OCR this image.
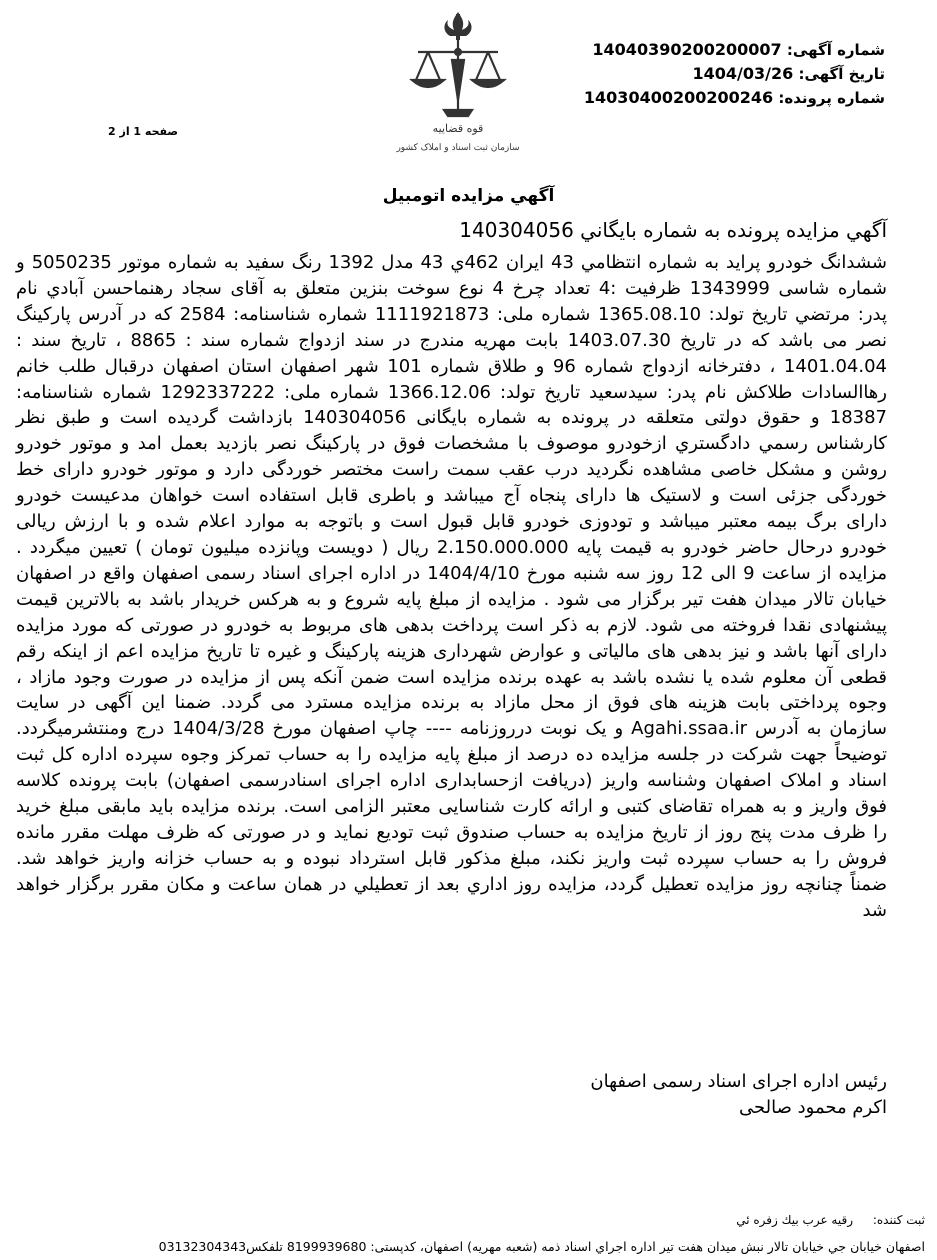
شماره آگهی: 14040390200200007
تاریخ آگهی: 1404/03/26
شماره پرونده: 14030400200200246
قوه قضاییه
سازمان ثبت اسناد و املاک کشور
صفحه 1 از 2
آگهي مزايده اتومبيل
آگهي مزايده پرونده به شماره بايگاني 140304056
ششدانگ خودرو پرايد به شماره انتظامي 43 ايران 462ي 43 مدل 1392 رنگ سفيد به شماره موتور 5050235 و شماره شاسی 1343999 ظرفيت :4 تعداد چرخ 4 نوع سوخت بنزين متعلق به آقای سجاد رهنماحسن آبادي نام پدر: مرتضي تاريخ تولد: 1365.08.10 شماره ملی: 1111921873 شماره شناسنامه: 2584 که در آدرس پارکینگ نصر می باشد که در تاریخ 1403.07.30 بابت مهريه مندرج در سند ازدواج شماره سند : 8865 ، تاریخ سند : 1401.04.04 ، دفترخانه ازدواج شماره 96 و طلاق شماره 101 شهر اصفهان استان اصفهان درقبال طلب خانم رهاالسادات طلاکش نام پدر: سیدسعید تاریخ تولد: 1366.12.06 شماره ملی: 1292337222 شماره شناسنامه: 18387 و حقوق دولتی متعلقه در پرونده به شماره بایگانی 140304056 بازداشت گرديده است و طبق نظر کارشناس رسمي دادگستري ازخودرو موصوف با مشخصات فوق در پارکینگ نصر بازدید بعمل امد و موتور خودرو روشن و مشکل خاصی مشاهده نگردید درب عقب سمت راست مختصر خوردگی دارد و موتور خودرو دارای خط خوردگی جزئی است و لاستیک ها دارای پنجاه آج میباشد و باطری قابل استفاده است خواهان مدعیست خودرو دارای برگ بیمه معتبر میباشد و تودوزی خودرو قابل قبول است و باتوجه به موارد اعلام شده و با ارزش ريالی خودرو درحال حاضر خودرو به قيمت پايه 2.150.000.000 ريال ( دویست وپانزده میلیون تومان ) تعيين ميگردد . مزايده از ساعت 9 الی 12 روز سه شنبه مورخ 1404/4/10 در اداره اجرای اسناد رسمی اصفهان واقع در اصفهان خیابان تالار میدان هفت تیر برگزار می شود . مزايده از مبلغ پايه شروع و به هرکس خریدار باشد به بالاترين قيمت پيشنهادی نقدا فروخته می شود. لازم به ذکر است پرداخت بدهی های مربوط به خودرو در صورتی که مورد مزايده دارای آنها باشد و نيز بدهی های مالیاتی و عوارض شهرداری هزینه پارکینگ و غیره تا تاريخ مزايده اعم از اينکه رقم قطعی آن معلوم شده يا نشده باشد به عهده برنده مزايده است ضمن آنکه پس از مزايده در صورت وجود مازاد ، وجوه پرداختی بابت هزينه های فوق از محل مازاد به برنده مزایده مسترد می گردد. ضمنا این آگهی در سایت سازمان به آدرس Agahi.ssaa.ir و یک نوبت درروزنامه ---- چاپ اصفهان مورخ 1404/3/28 درج ومنتشرمیگردد. توضیحاً جهت شرکت در جلسه مزایده ده درصد از مبلغ پایه مزایده را به حساب تمرکز وجوه سپرده اداره کل ثبت اسناد و املاک اصفهان وشناسه واريز (دريافت ازحسابداری اداره اجرای اسنادرسمی اصفهان) بابت پرونده کلاسه فوق واريز و به همراه تقاضای کتبی و ارائه کارت شناسایی معتبر الزامی است. برنده مزايده بايد مابقی مبلغ خريد را ظرف مدت پنج روز از تاريخ مزايده به حساب صندوق ثبت توديع نمايد و در صورتی که ظرف مهلت مقرر مانده فروش را به حساب سپرده ثبت واریز نکند، مبلغ مذکور قابل استرداد نبوده و به حساب خزانه واريز خواهد شد. ضمناً چنانچه روز مزايده تعطيل گردد، مزايده روز اداري بعد از تعطيلي در همان ساعت و مکان مقرر برگزار خواهد شد
رئیس اداره اجرای اسناد رسمی اصفهان
اکرم محمود صالحی
ثبت کننده: رقيه عرب بيك زفره ئي
اصفهان خيابان جي خيابان تالار نبش ميدان هفت تير اداره اجراي اسناد ذمه (شعبه مهريه) اصفهان، کدپستی: 8199939680 تلفکس03132304343
